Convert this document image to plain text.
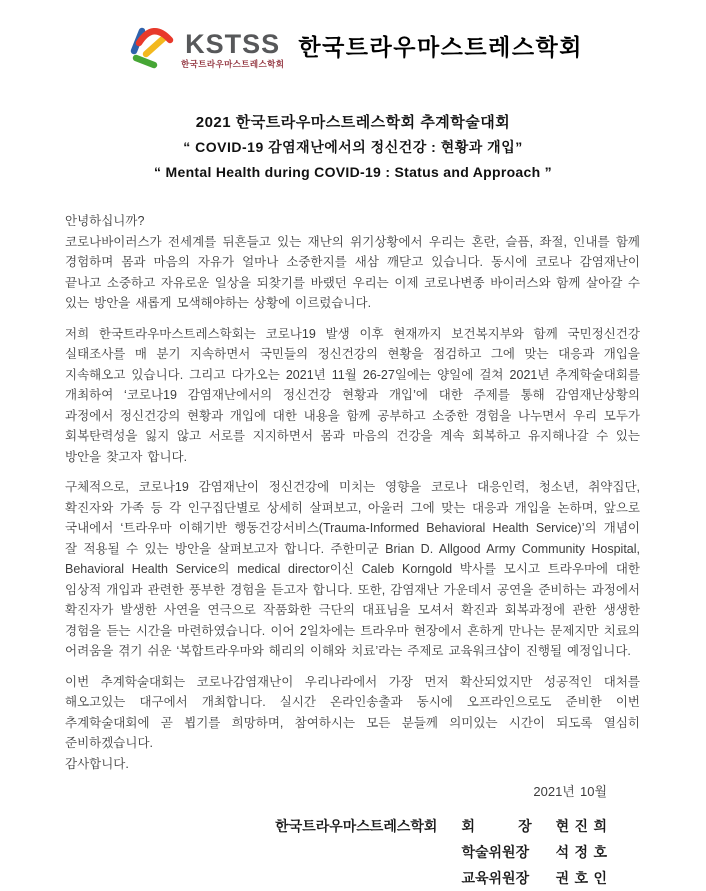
KSTSS
한국트라우마스트레스학회
한국트라우마스트레스학회
2021 한국트라우마스트레스학회 추계학술대회
“ COVID-19 감염재난에서의 정신건강 : 현황과 개입”
“ Mental Health during COVID-19 : Status and Approach ”
안녕하십니까?

코로나바이러스가 전세계를 뒤흔들고 있는 재난의 위기상황에서 우리는 혼란, 슬픔, 좌절, 인내를 함께 경험하며 몸과 마음의 자유가 얼마나 소중한지를 새삼 깨닫고 있습니다. 동시에 코로나 감염재난이 끝나고 소중하고 자유로운 일상을 되찾기를 바랬던 우리는 이제 코로나변종 바이러스와 함께 살아갈 수 있는 방안을 새롭게 모색해야하는 상황에 이르렀습니다.

저희 한국트라우마스트레스학회는 코로나19 발생 이후 현재까지 보건복지부와 함께 국민정신건강 실태조사를 매 분기 지속하면서 국민들의 정신건강의 현황을 점검하고 그에 맞는 대응과 개입을 지속해오고 있습니다. 그리고 다가오는 2021년 11월 26-27일에는 양일에 걸쳐 2021년 추계학술대회를 개최하여 ‘코로나19 감염재난에서의 정신건강 현황과 개입’에 대한 주제를 통해 감염재난상황의 과정에서 정신건강의 현황과 개입에 대한 내용을 함께 공부하고 소중한 경험을 나누면서 우리 모두가 회복탄력성을 잃지 않고 서로를 지지하면서 몸과 마음의 건강을 계속 회복하고 유지해나갈 수 있는 방안을 찾고자 합니다.

구체적으로, 코로나19 감염재난이 정신건강에 미치는 영향을 코로나 대응인력, 청소년, 취약집단, 확진자와 가족 등 각 인구집단별로 상세히 살펴보고, 아울러 그에 맞는 대응과 개입을 논하며, 앞으로 국내에서 ‘트라우마 이해기반 행동건강서비스(Trauma-Informed Behavioral Health Service)’의 개념이 잘 적용될 수 있는 방안을 살펴보고자 합니다. 주한미군 Brian D. Allgood Army Community Hospital, Behavioral Health Service의 medical director이신 Caleb Korngold 박사를 모시고 트라우마에 대한 임상적 개입과 관련한 풍부한 경험을 듣고자 합니다. 또한, 감염재난 가운데서 공연을 준비하는 과정에서 확진자가 발생한 사연을 연극으로 작품화한 극단의 대표님을 모셔서 확진과 회복과정에 관한 생생한 경험을 듣는 시간을 마련하였습니다. 이어 2일차에는 트라우마 현장에서 흔하게 만나는 문제지만 치료의 어려움을 겪기 쉬운 ‘복합트라우마와 해리의 이해와 치료’라는 주제로 교육워크샵이 진행될 예정입니다.

이번 추계학술대회는 코로나감염재난이 우리나라에서 가장 먼저 확산되었지만 성공적인 대처를 해오고있는 대구에서 개최합니다. 실시간 온라인송출과 동시에 오프라인으로도 준비한 이번 추계학술대회에 곧 뵙기를 희망하며, 참여하시는 모든 분들께 의미있는 시간이 되도록 열심히 준비하겠습니다.

감사합니다.
2021년 10월
한국트라우마스트레스학회 회        장 현 진 희
학술위원장 석 정 호
교육위원장 권 호 인
